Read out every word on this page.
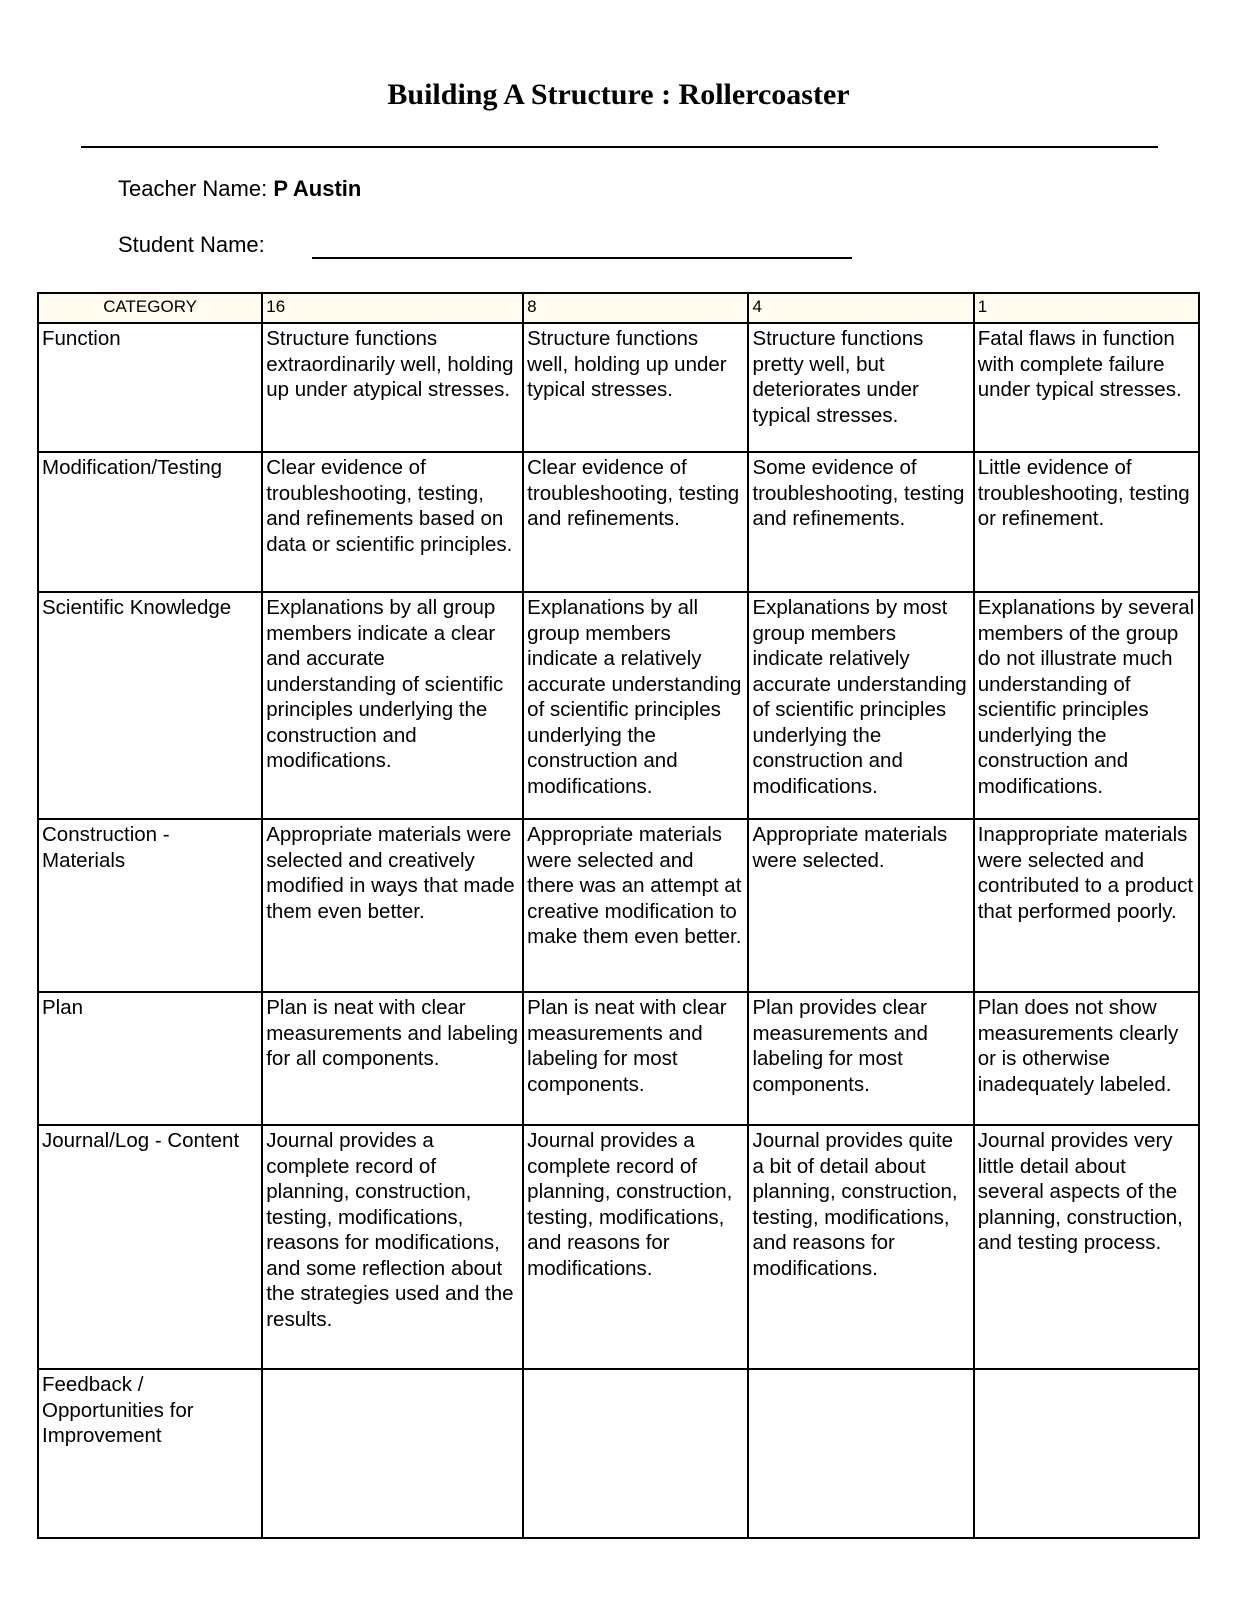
Building A Structure : Rollercoaster
Teacher Name: P Austin
Student Name:
CATEGORY	16	8	4	1
Function	Structure functions extraordinarily well, holding up under atypical stresses.	Structure functions well, holding up under typical stresses.	Structure functions pretty well, but deteriorates under typical stresses.	Fatal flaws in function with complete failure under typical stresses.
Modification/Testing	Clear evidence of troubleshooting, testing, and refinements based on data or scientific principles.	Clear evidence of troubleshooting, testing and refinements.	Some evidence of troubleshooting, testing and refinements.	Little evidence of troubleshooting, testing or refinement.
Scientific Knowledge	Explanations by all group members indicate a clear and accurate understanding of scientific principles underlying the construction and modifications.	Explanations by all group members indicate a relatively accurate understanding of scientific principles underlying the construction and modifications.	Explanations by most group members indicate relatively accurate understanding of scientific principles underlying the construction and modifications.	Explanations by several members of the group do not illustrate much understanding of scientific principles underlying the construction and modifications.
Construction - Materials	Appropriate materials were selected and creatively modified in ways that made them even better.	Appropriate materials were selected and there was an attempt at creative modification to make them even better.	Appropriate materials were selected.	Inappropriate materials were selected and contributed to a product that performed poorly.
Plan	Plan is neat with clear measurements and labeling for all components.	Plan is neat with clear measurements and labeling for most components.	Plan provides clear measurements and labeling for most components.	Plan does not show measurements clearly or is otherwise inadequately labeled.
Journal/Log - Content	Journal provides a complete record of planning, construction, testing, modifications, reasons for modifications, and some reflection about the strategies used and the results.	Journal provides a complete record of planning, construction, testing, modifications, and reasons for modifications.	Journal provides quite a bit of detail about planning, construction, testing, modifications, and reasons for modifications.	Journal provides very little detail about several aspects of the planning, construction, and testing process.
Feedback / Opportunities for Improvement				
